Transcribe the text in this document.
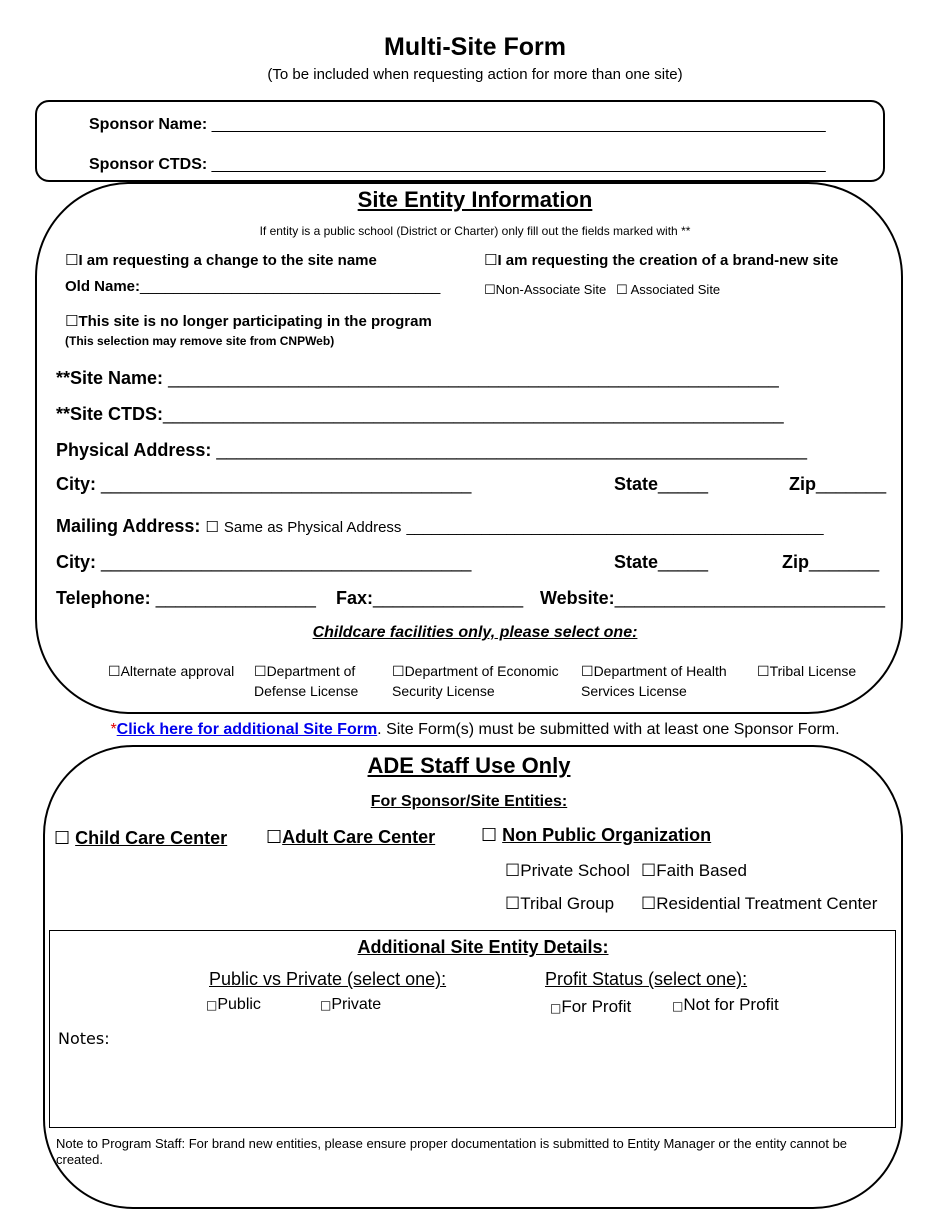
Multi-Site Form
(To be included when requesting action for more than one site)
Sponsor Name: _____________________________________________________________________
Sponsor CTDS: _____________________________________________________________________
Site Entity Information
If entity is a public school (District or Charter) only fill out the fields marked with **
☐I am requesting a change to the site name
Old Name:____________________________________
☐I am requesting the creation of a brand-new site
☐Non-Associate Site ☐ Associated Site
☐This site is no longer participating in the program
(This selection may remove site from CNPWeb)
**Site Name: _____________________________________________________________
**Site CTDS:______________________________________________________________
Physical Address: ___________________________________________________________
City: _____________________________________	State_____	Zip_______
Mailing Address: ☐ Same as Physical Address __________________________________________________
City: _____________________________________	State_____	Zip_______
Telephone: ________________ Fax:_______________ Website:___________________________
Childcare facilities only, please select one:
☐Alternate approval ☐Department of
Defense License
☐Department of Economic
Security License
☐Department of Health
Services License
☐Tribal License
*Click here for additional Site Form. Site Form(s) must be submitted with at least one Sponsor Form.
ADE Staff Use Only
For Sponsor/Site Entities:
☐ Child Care Center ☐Adult Care Center	☐ Non Public Organization
☐Private School ☐Faith Based
☐Tribal Group ☐Residential Treatment Center
Additional Site Entity Details:
Public vs Private (select one):
□Public	□Private
Profit Status (select one):
□For Profit	□Not for Profit
Notes:
Note to Program Staff: For brand new entities, please ensure proper documentation is submitted to Entity Manager or the entity cannot be created.
